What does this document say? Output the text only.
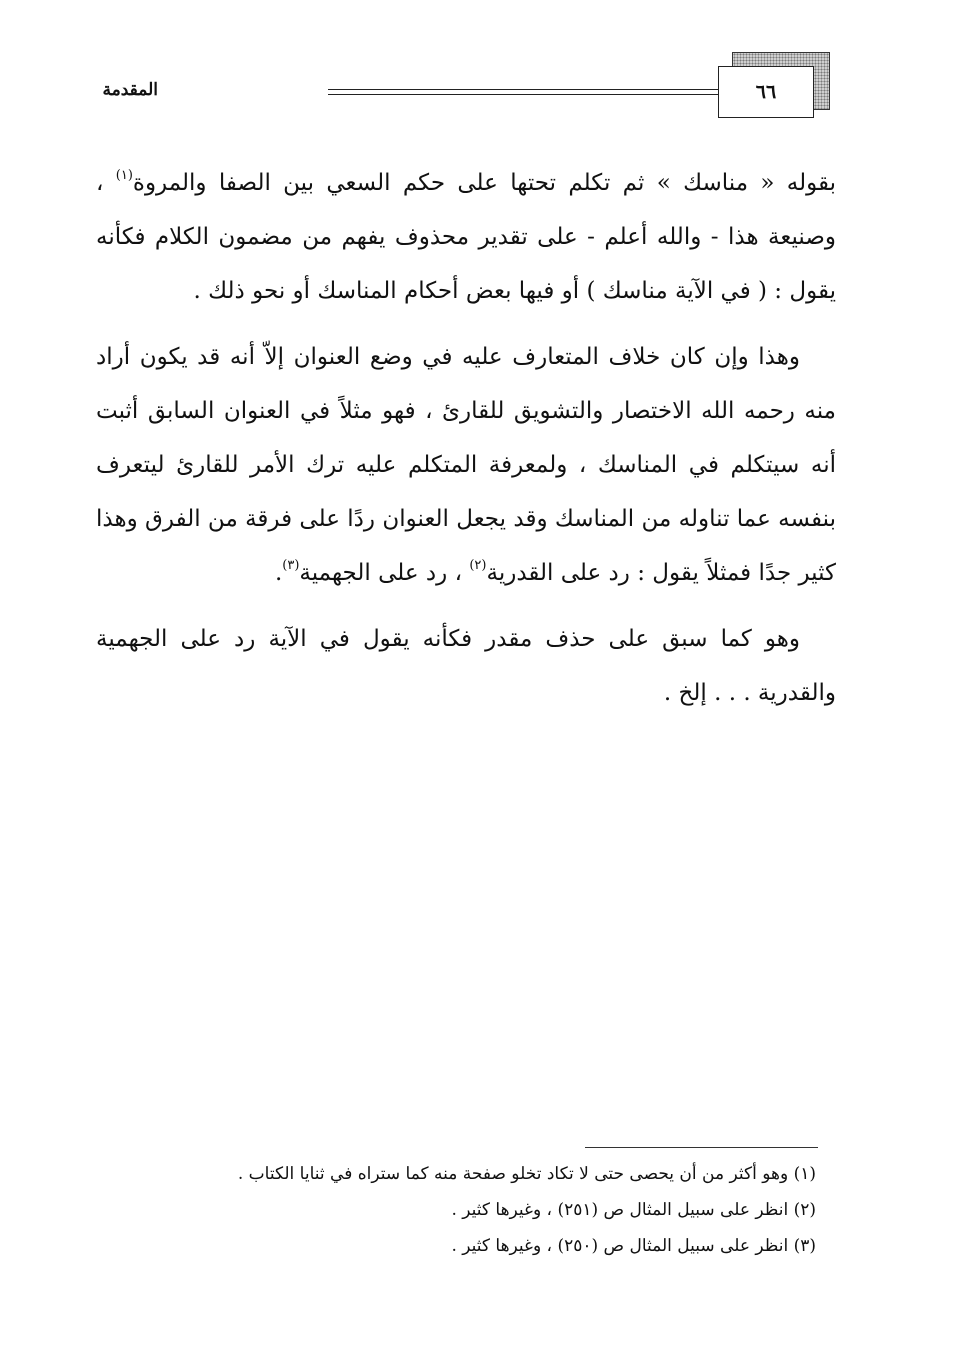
المقدمة	٦٦

بقوله « مناسك » ثم تكلم تحتها على حكم السعي بين الصفا والمروة$^{(١)}$ ، وصنيعة هذا - والله أعلم - على تقدير محذوف يفهم من مضمون الكلام فكأنه يقول : ( في الآية مناسك ) أو فيها بعض أحكام المناسك أو نحو ذلك .

وهذا وإن كان خلاف المتعارف عليه في وضع العنوان إلاّ أنه قد يكون أراد منه رحمه الله الاختصار والتشويق للقارئ ، فهو مثلاً في العنوان السابق أثبت أنه سيتكلم في المناسك ، ولمعرفة المتكلم عليه ترك الأمر للقارئ ليتعرف بنفسه عما تناوله من المناسك وقد يجعل العنوان ردًا على فرقة من الفرق وهذا كثير جدًا فمثلاً يقول : رد على القدرية$^{(٢)}$ ، رد على الجهمية$^{(٣)}$.

وهو كما سبق على حذف مقدر فكأنه يقول في الآية رد على الجهمية والقدرية . . . إلخ .

(١) وهو أكثر من أن يحصى حتى لا تكاد تخلو صفحة منه كما ستراه في ثنايا الكتاب .

(٢) انظر على سبيل المثال ص (٢٥١) ، وغيرها كثير .

(٣) انظر على سبيل المثال ص (٢٥٠) ، وغيرها كثير .
